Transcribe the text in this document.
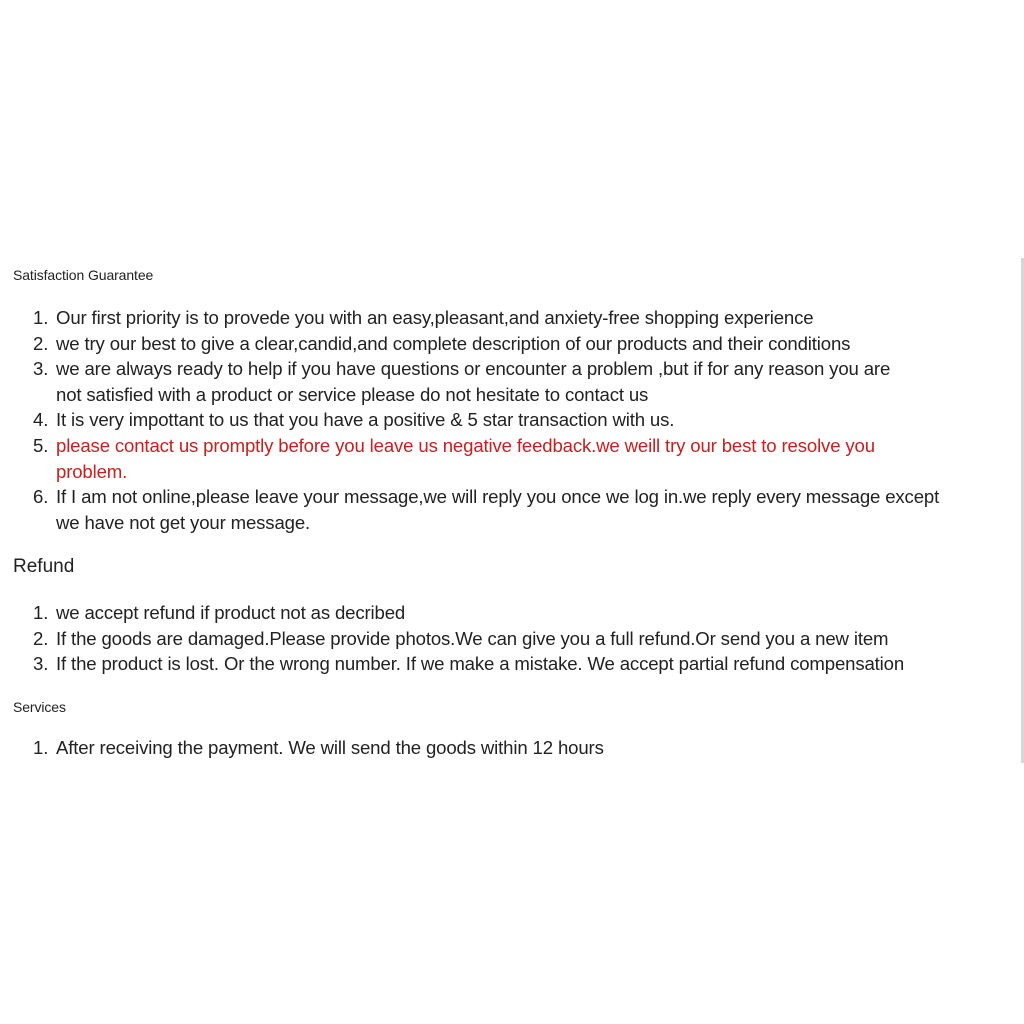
Satisfaction Guarantee
1. Our first priority is to provede you with an easy,pleasant,and anxiety-free shopping experience
2. we try our best to give a clear,candid,and complete description of our products and their conditions
3. we are always ready to help if you have questions or encounter a problem ,but if for any reason you are
not satisfied with a product or service please do not hesitate to contact us
4. It is very impottant to us that you have a positive & 5 star transaction with us.
5. please contact us promptly before you leave us negative feedback.we weill try our best to resolve you
problem.
6. If I am not online,please leave your message,we will reply you once we log in.we reply every message except
we have not get your message.
Refund
1. we accept refund if product not as decribed
2. If the goods are damaged.Please provide photos.We can give you a full refund.Or send you a new item
3. If the product is lost. Or the wrong number. If we make a mistake. We accept partial refund compensation
Services
1. After receiving the payment. We will send the goods within 12 hours
